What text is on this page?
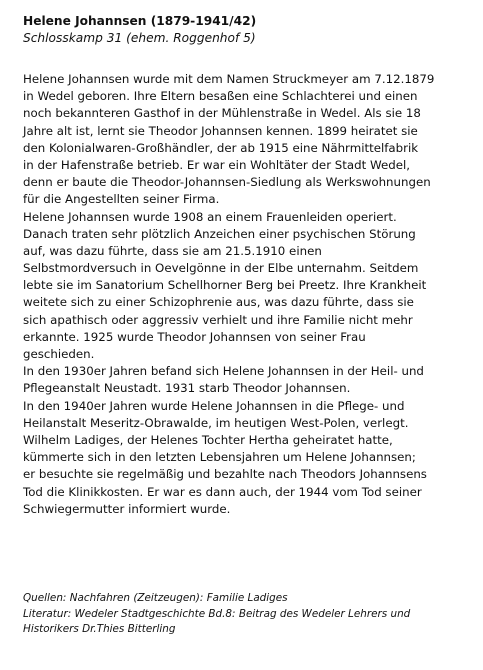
Helene Johannsen (1879-1941/42)
Schlosskamp 31 (ehem. Roggenhof 5)
Helene Johannsen wurde mit dem Namen Struckmeyer am 7.12.1879
in Wedel geboren. Ihre Eltern besaßen eine Schlachterei und einen
noch bekannteren Gasthof in der Mühlenstraße in Wedel. Als sie 18
Jahre alt ist, lernt sie Theodor Johannsen kennen. 1899 heiratet sie
den Kolonialwaren-Großhändler, der ab 1915 eine Nährmittelfabrik
in der Hafenstraße betrieb. Er war ein Wohltäter der Stadt Wedel,
denn er baute die Theodor-Johannsen-Siedlung als Werkswohnungen
für die Angestellten seiner Firma.
Helene Johannsen wurde 1908 an einem Frauenleiden operiert.
Danach traten sehr plötzlich Anzeichen einer psychischen Störung
auf, was dazu führte, dass sie am 21.5.1910 einen
Selbstmordversuch in Oevelgönne in der Elbe unternahm. Seitdem
lebte sie im Sanatorium Schellhorner Berg bei Preetz. Ihre Krankheit
weitete sich zu einer Schizophrenie aus, was dazu führte, dass sie
sich apathisch oder aggressiv verhielt und ihre Familie nicht mehr
erkannte. 1925 wurde Theodor Johannsen von seiner Frau
geschieden.
In den 1930er Jahren befand sich Helene Johannsen in der Heil- und
Pflegeanstalt Neustadt. 1931 starb Theodor Johannsen.
In den 1940er Jahren wurde Helene Johannsen in die Pflege- und
Heilanstalt Meseritz-Obrawalde, im heutigen West-Polen, verlegt.
Wilhelm Ladiges, der Helenes Tochter Hertha geheiratet hatte,
kümmerte sich in den letzten Lebensjahren um Helene Johannsen;
er besuchte sie regelmäßig und bezahlte nach Theodors Johannsens
Tod die Klinikkosten. Er war es dann auch, der 1944 vom Tod seiner
Schwiegermutter informiert wurde.
Quellen: Nachfahren (Zeitzeugen): Familie Ladiges
Literatur: Wedeler Stadtgeschichte Bd.8: Beitrag des Wedeler Lehrers und
Historikers Dr.Thies Bitterling
